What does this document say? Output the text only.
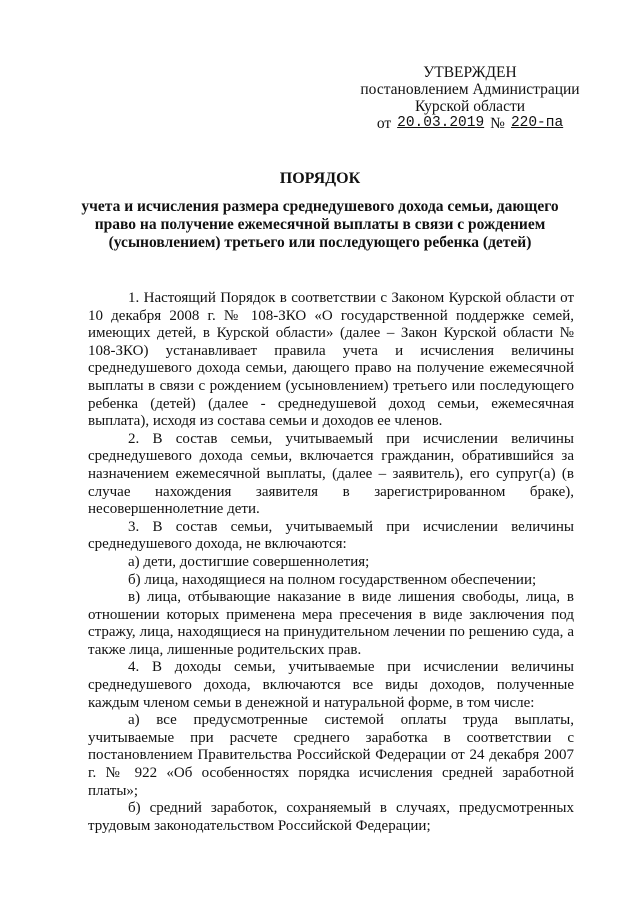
УТВЕРЖДЕН
постановлением Администрации
Курской области
от 20.03.2019 № 220-па
ПОРЯДОК
учета и исчисления размера среднедушевого дохода семьи, дающего право на получение ежемесячной выплаты в связи с рождением (усыновлением) третьего или последующего ребенка (детей)

1. Настоящий Порядок в соответствии с Законом Курской области от 10 декабря 2008 г. № 108-ЗКО «О государственной поддержке семей, имеющих детей, в Курской области» (далее – Закон Курской области № 108-ЗКО) устанавливает правила учета и исчисления величины среднедушевого дохода семьи, дающего право на получение ежемесячной выплаты в связи с рождением (усыновлением) третьего или последующего ребенка (детей) (далее - среднедушевой доход семьи, ежемесячная выплата), исходя из состава семьи и доходов ее членов.

2. В состав семьи, учитываемый при исчислении величины среднедушевого дохода семьи, включается гражданин, обратившийся за назначением ежемесячной выплаты, (далее – заявитель), его супруг(а) (в случае нахождения заявителя в зарегистрированном браке), несовершеннолетние дети.

3. В состав семьи, учитываемый при исчислении величины среднедушевого дохода, не включаются:

а) дети, достигшие совершеннолетия;

б) лица, находящиеся на полном государственном обеспечении;

в) лица, отбывающие наказание в виде лишения свободы, лица, в отношении которых применена мера пресечения в виде заключения под стражу, лица, находящиеся на принудительном лечении по решению суда, а также лица, лишенные родительских прав.

4. В доходы семьи, учитываемые при исчислении величины среднедушевого дохода, включаются все виды доходов, полученные каждым членом семьи в денежной и натуральной форме, в том числе:

а) все предусмотренные системой оплаты труда выплаты, учитываемые при расчете среднего заработка в соответствии с постановлением Правительства Российской Федерации от 24 декабря 2007 г. № 922 «Об особенностях порядка исчисления средней заработной платы»;

б) средний заработок, сохраняемый в случаях, предусмотренных трудовым законодательством Российской Федерации;
